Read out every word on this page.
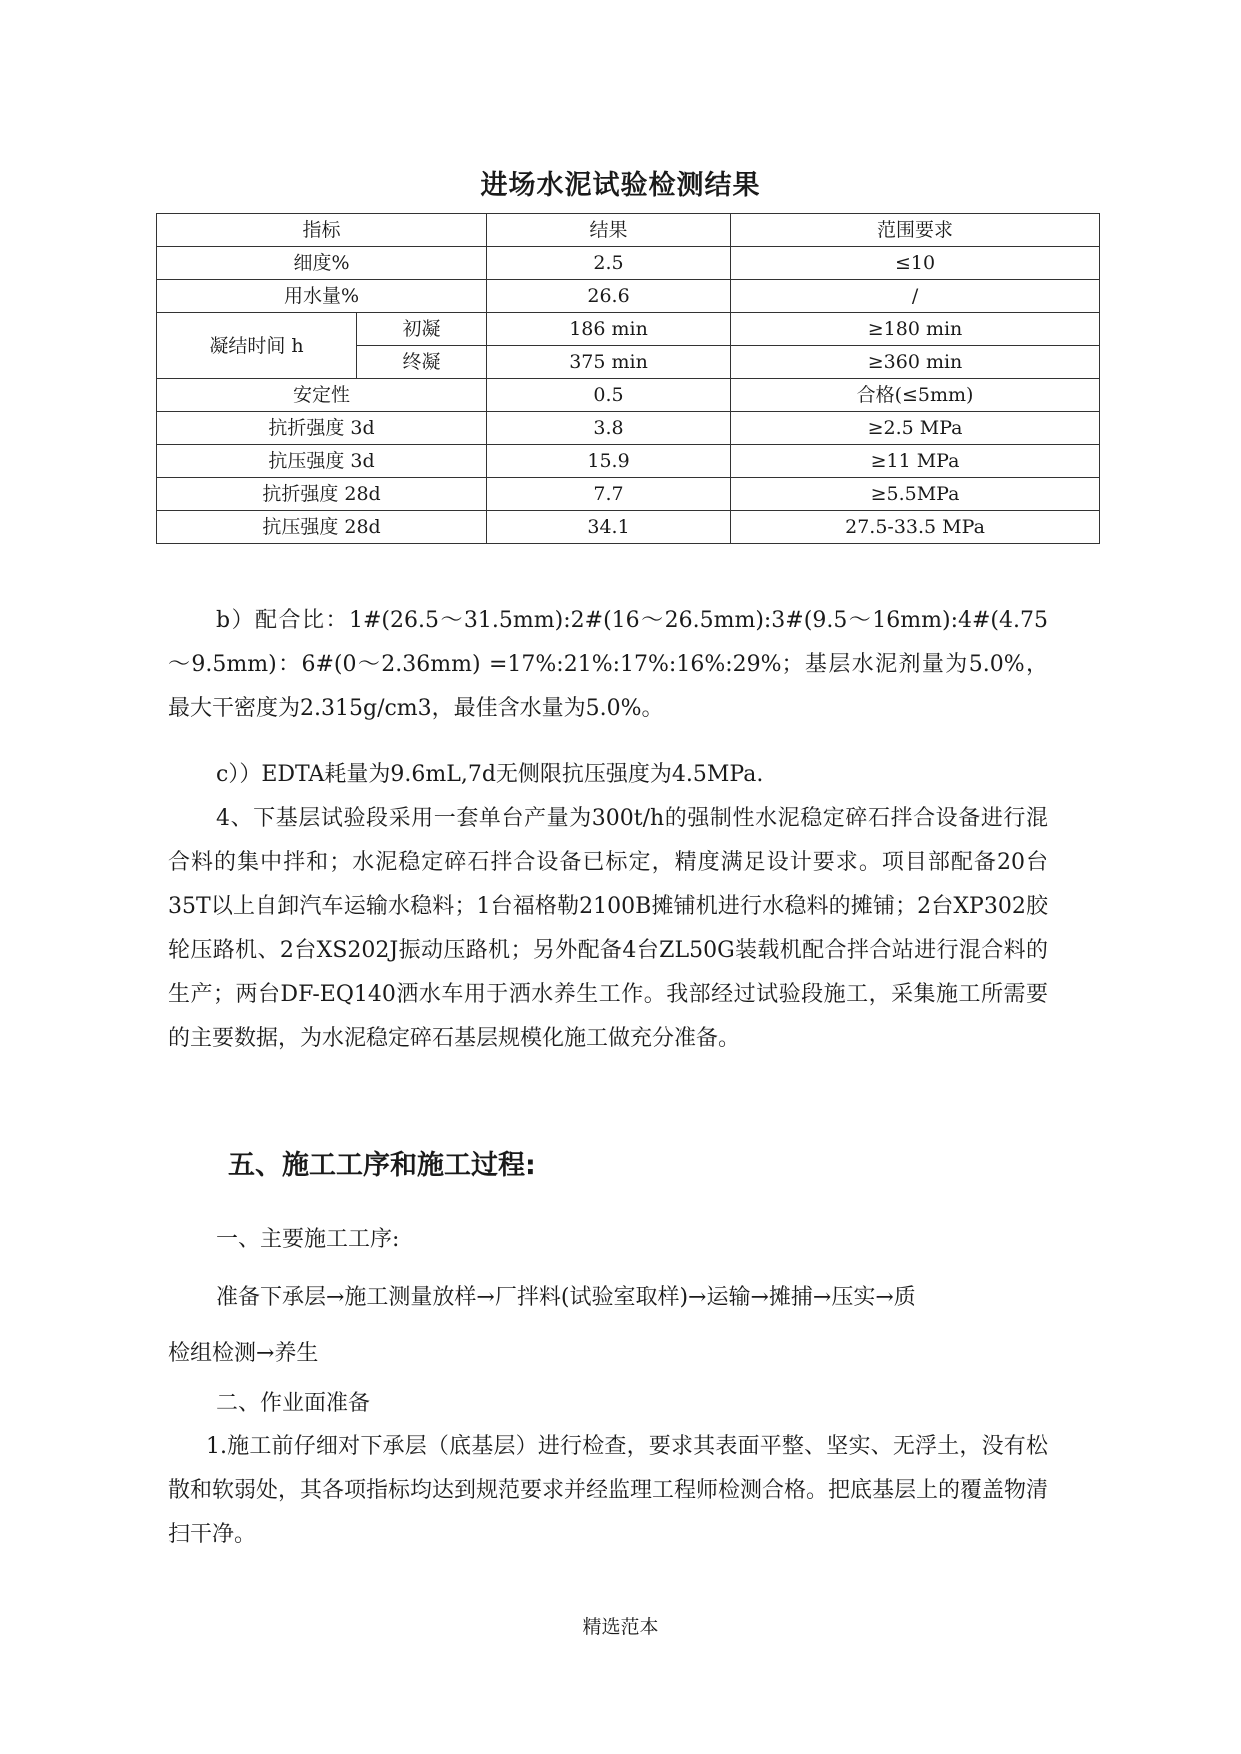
进场水泥试验检测结果
指标		结果	范围要求
细度%		2.5	≤10
用水量%		26.6	/
凝结时间 h	初凝	186 min	≥180 min
	终凝	375 min	≥360 min
安定性		0.5	合格(≤5mm)
抗折强度 3d		3.8	≥2.5 MPa
抗压强度 3d		15.9	≥11 MPa
抗折强度 28d		7.7	≥5.5MPa
抗压强度 28d		34.1	27.5-33.5 MPa
b）配合比：1#(26.5～31.5mm):2#(16～26.5mm):3#(9.5～16mm):4#(4.75～9.5mm)：6#(0～2.36mm) =17%:21%:17%:16%:29%；基层水泥剂量为5.0%，最大干密度为2.315g/cm3，最佳含水量为5.0%。
c））EDTA耗量为9.6mL,7d无侧限抗压强度为4.5MPa.
4、下基层试验段采用一套单台产量为300t/h的强制性水泥稳定碎石拌合设备进行混合料的集中拌和；水泥稳定碎石拌合设备已标定，精度满足设计要求。项目部配备20台35T以上自卸汽车运输水稳料；1台福格勒2100B摊铺机进行水稳料的摊铺；2台XP302胶轮压路机、2台XS202J振动压路机；另外配备4台ZL50G装载机配合拌合站进行混合料的生产；两台DF-EQ140洒水车用于洒水养生工作。我部经过试验段施工，采集施工所需要的主要数据，为水泥稳定碎石基层规模化施工做充分准备。
五、施工工序和施工过程:
一、主要施工工序:
准备下承层→施工测量放样→厂拌料(试验室取样)→运输→摊捕→压实→质
检组检测→养生
二、作业面准备
1.施工前仔细对下承层（底基层）进行检查，要求其表面平整、坚实、无浮土，没有松散和软弱处，其各项指标均达到规范要求并经监理工程师检测合格。把底基层上的覆盖物清扫干净。
精选范本
